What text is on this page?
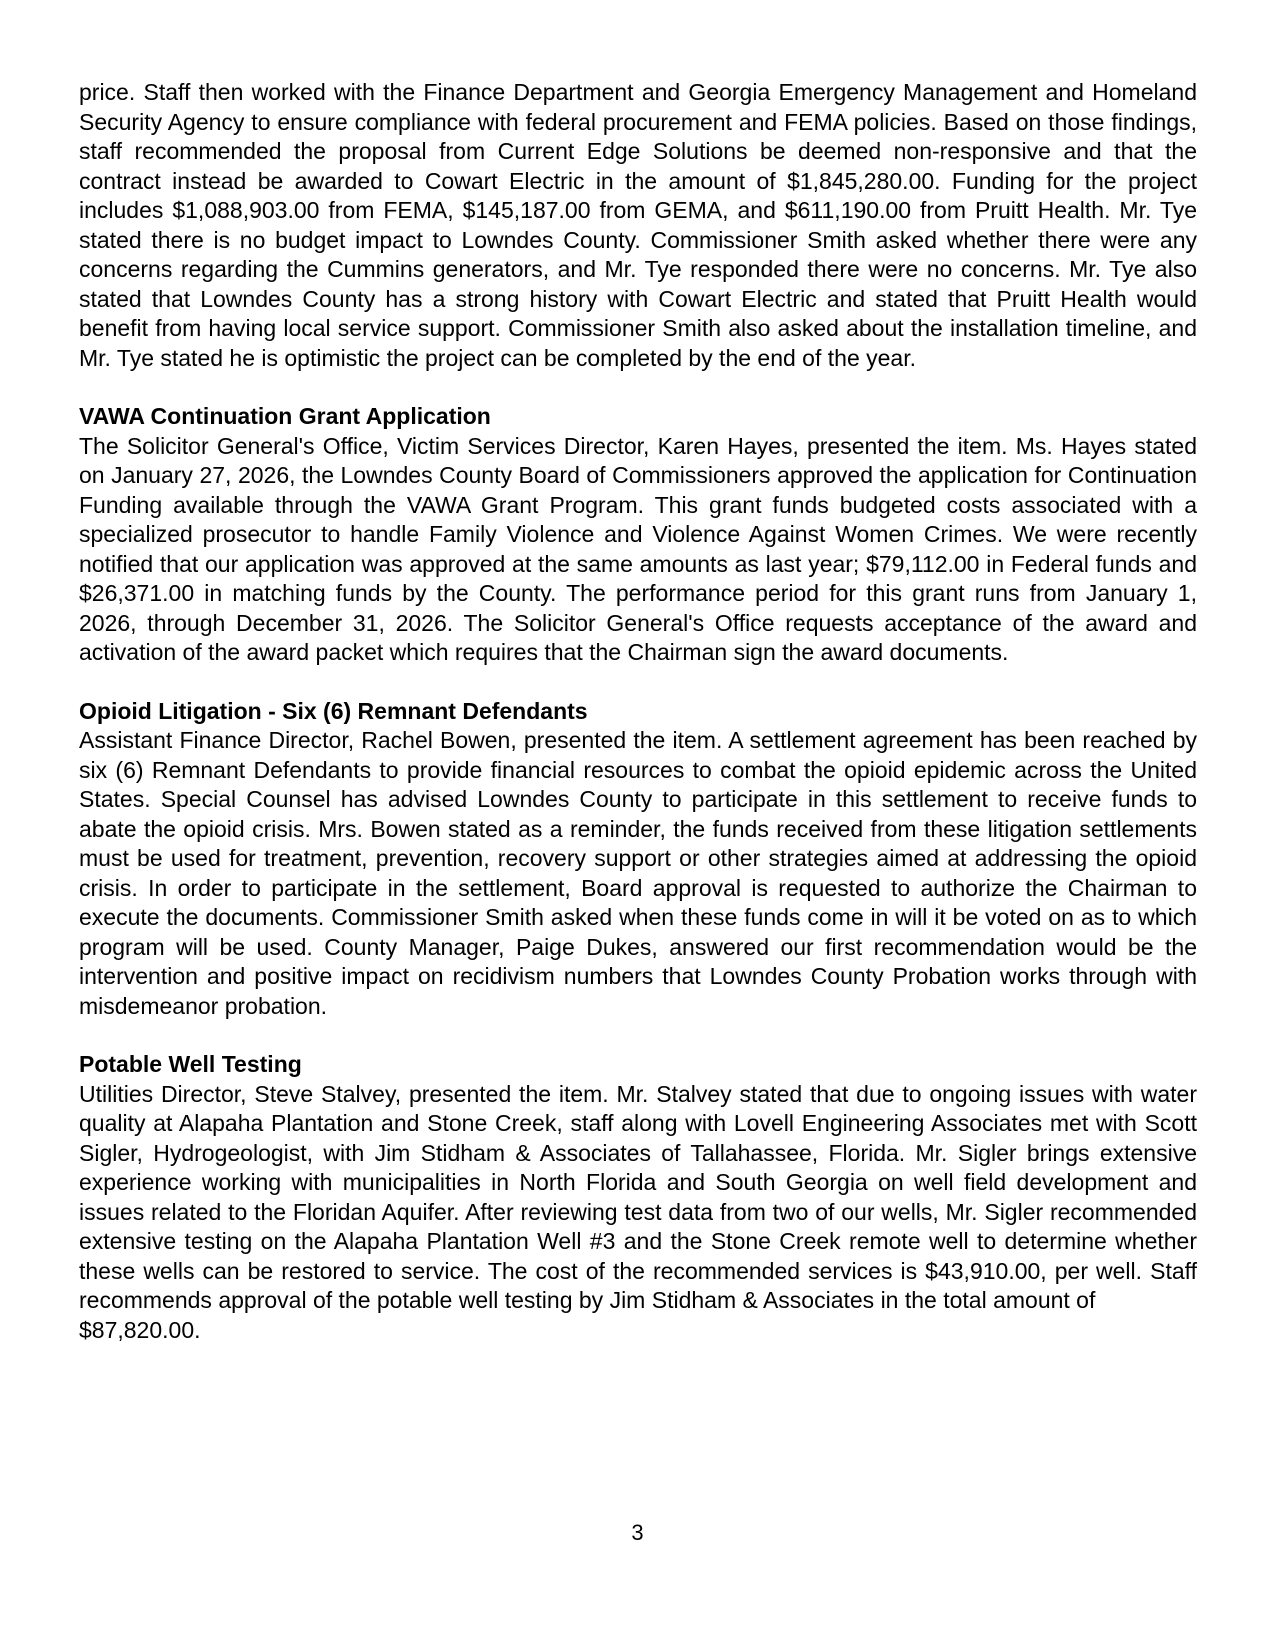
price. Staff then worked with the Finance Department and Georgia Emergency Management and Homeland Security Agency to ensure compliance with federal procurement and FEMA policies. Based on those findings, staff recommended the proposal from Current Edge Solutions be deemed non-responsive and that the contract instead be awarded to Cowart Electric in the amount of $1,845,280.00. Funding for the project includes $1,088,903.00 from FEMA, $145,187.00 from GEMA, and $611,190.00 from Pruitt Health. Mr. Tye stated there is no budget impact to Lowndes County. Commissioner Smith asked whether there were any concerns regarding the Cummins generators, and Mr. Tye responded there were no concerns. Mr. Tye also stated that Lowndes County has a strong history with Cowart Electric and stated that Pruitt Health would benefit from having local service support. Commissioner Smith also asked about the installation timeline, and Mr. Tye stated he is optimistic the project can be completed by the end of the year.

VAWA Continuation Grant Application

The Solicitor General's Office, Victim Services Director, Karen Hayes, presented the item. Ms. Hayes stated on January 27, 2026, the Lowndes County Board of Commissioners approved the application for Continuation Funding available through the VAWA Grant Program. This grant funds budgeted costs associated with a specialized prosecutor to handle Family Violence and Violence Against Women Crimes. We were recently notified that our application was approved at the same amounts as last year; $79,112.00 in Federal funds and $26,371.00 in matching funds by the County. The performance period for this grant runs from January 1, 2026, through December 31, 2026. The Solicitor General's Office requests acceptance of the award and activation of the award packet which requires that the Chairman sign the award documents.

Opioid Litigation - Six (6) Remnant Defendants

Assistant Finance Director, Rachel Bowen, presented the item. A settlement agreement has been reached by six (6) Remnant Defendants to provide financial resources to combat the opioid epidemic across the United States. Special Counsel has advised Lowndes County to participate in this settlement to receive funds to abate the opioid crisis. Mrs. Bowen stated as a reminder, the funds received from these litigation settlements must be used for treatment, prevention, recovery support or other strategies aimed at addressing the opioid crisis. In order to participate in the settlement, Board approval is requested to authorize the Chairman to execute the documents. Commissioner Smith asked when these funds come in will it be voted on as to which program will be used. County Manager, Paige Dukes, answered our first recommendation would be the intervention and positive impact on recidivism numbers that Lowndes County Probation works through with misdemeanor probation.

Potable Well Testing

Utilities Director, Steve Stalvey, presented the item. Mr. Stalvey stated that due to ongoing issues with water quality at Alapaha Plantation and Stone Creek, staff along with Lovell Engineering Associates met with Scott Sigler, Hydrogeologist, with Jim Stidham & Associates of Tallahassee, Florida. Mr. Sigler brings extensive experience working with municipalities in North Florida and South Georgia on well field development and issues related to the Floridan Aquifer. After reviewing test data from two of our wells, Mr. Sigler recommended extensive testing on the Alapaha Plantation Well #3 and the Stone Creek remote well to determine whether these wells can be restored to service. The cost of the recommended services is $43,910.00, per well. Staff recommends approval of the potable well testing by Jim Stidham & Associates in the total amount of

$87,820.00.

3
